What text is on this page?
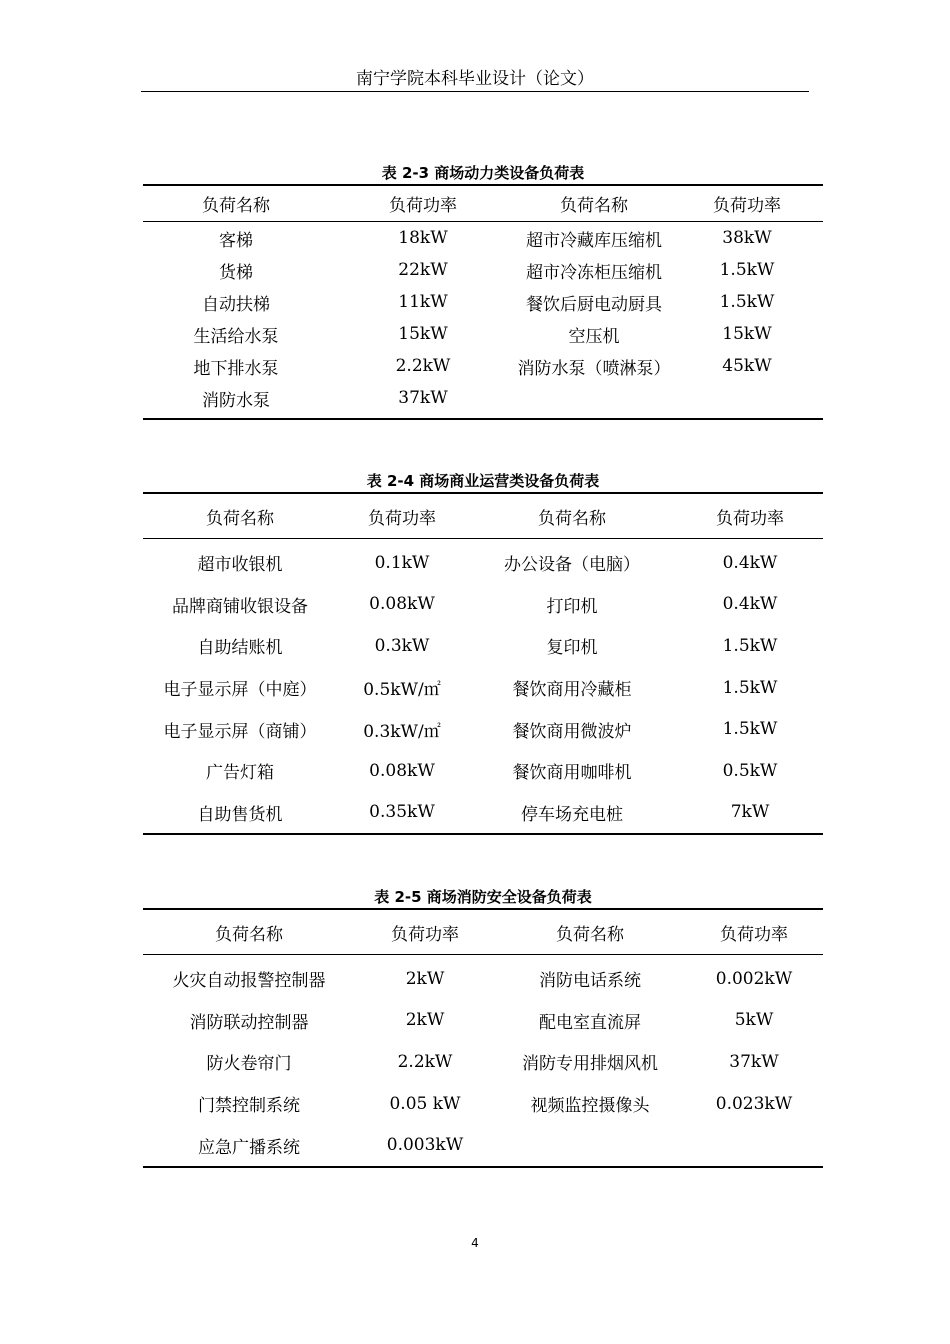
南宁学院本科毕业设计（论文）
表 2-3 商场动力类设备负荷表
负荷名称	负荷功率	负荷名称	负荷功率
客梯	18kW	超市冷藏库压缩机	38kW
货梯	22kW	超市冷冻柜压缩机	1.5kW
自动扶梯	11kW	餐饮后厨电动厨具	1.5kW
生活给水泵	15kW	空压机	15kW
地下排水泵	2.2kW	消防水泵（喷淋泵）	45kW
消防水泵	37kW
表 2-4 商场商业运营类设备负荷表
负荷名称	负荷功率	负荷名称	负荷功率
超市收银机	0.1kW	办公设备（电脑）	0.4kW
品牌商铺收银设备	0.08kW	打印机	0.4kW
自助结账机	0.3kW	复印机	1.5kW
电子显示屏（中庭）	0.5kW/㎡	餐饮商用冷藏柜	1.5kW
电子显示屏（商铺）	0.3kW/㎡	餐饮商用微波炉	1.5kW
广告灯箱	0.08kW	餐饮商用咖啡机	0.5kW
自助售货机	0.35kW	停车场充电桩	7kW
表 2-5 商场消防安全设备负荷表
负荷名称	负荷功率	负荷名称	负荷功率
火灾自动报警控制器	2kW	消防电话系统	0.002kW
消防联动控制器	2kW	配电室直流屏	5kW
防火卷帘门	2.2kW	消防专用排烟风机	37kW
门禁控制系统	0.05 kW	视频监控摄像头	0.023kW
应急广播系统	0.003kW
4
